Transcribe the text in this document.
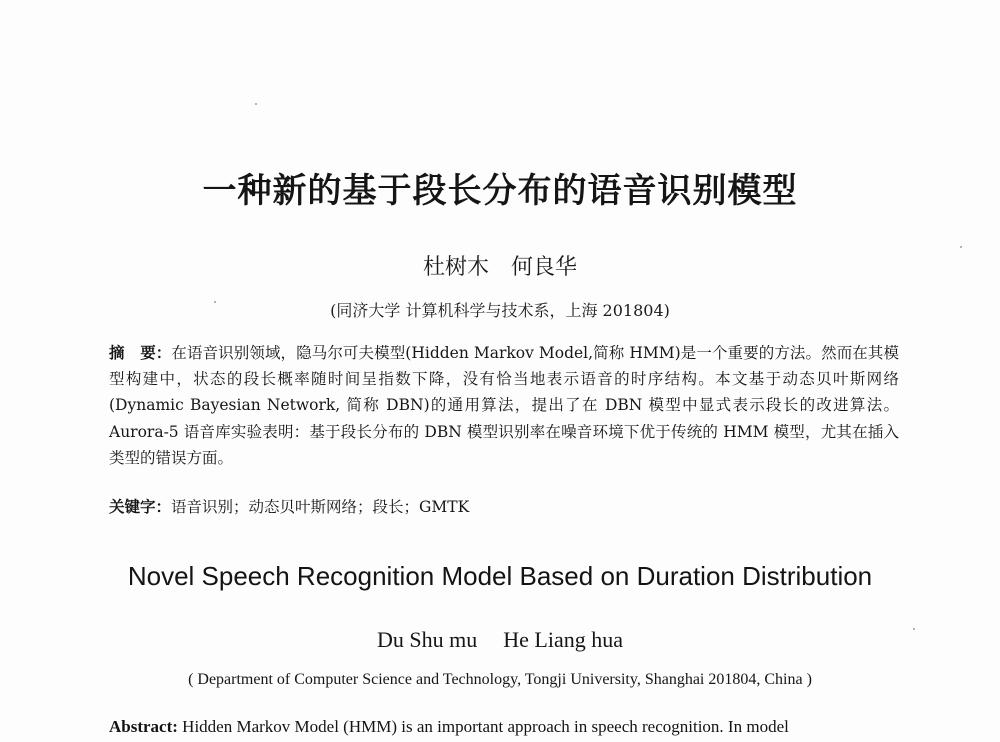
一种新的基于段长分布的语音识别模型
杜树木 何良华
(同济大学 计算机科学与技术系，上海 201804)
摘　要：在语音识别领域，隐马尔可夫模型(Hidden Markov Model,简称 HMM)是一个重要的方法。然而在其模型构建中，状态的段长概率随时间呈指数下降，没有恰当地表示语音的时序结构。本文基于动态贝叶斯网络(Dynamic Bayesian Network, 简称 DBN)的通用算法，提出了在 DBN 模型中显式表示段长的改进算法。Aurora-5 语音库实验表明：基于段长分布的 DBN 模型识别率在噪音环境下优于传统的 HMM 模型，尤其在插入类型的错误方面。
关键字：语音识别；动态贝叶斯网络；段长；GMTK
Novel Speech Recognition Model Based on Duration Distribution
Du Shu mu He Liang hua
( Department of Computer Science and Technology, Tongji University, Shanghai 201804, China )
Abstract: Hidden Markov Model (HMM) is an important approach in speech recognition. In model
